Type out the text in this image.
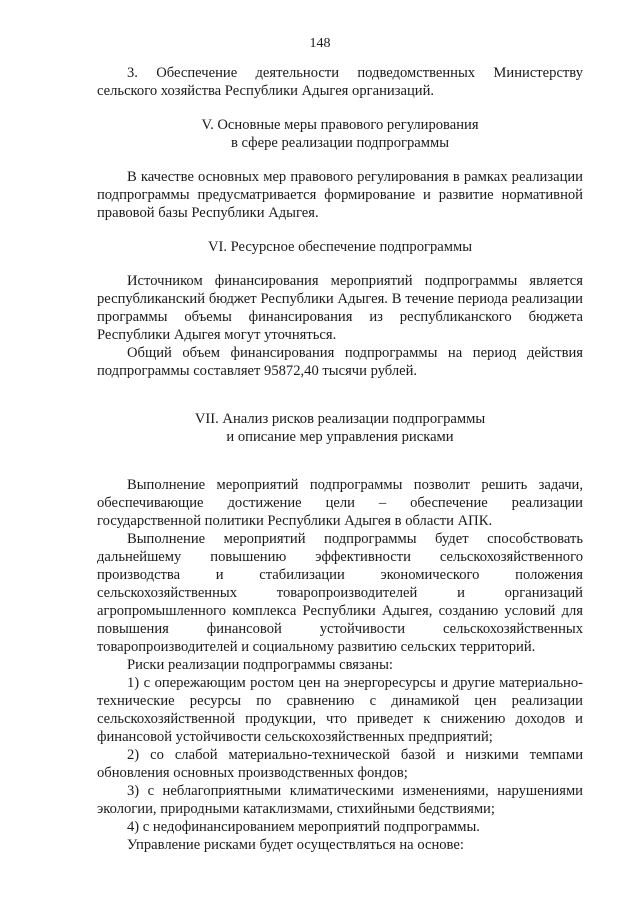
148

3. Обеспечение деятельности подведомственных Министерству сельского хозяйства Республики Адыгея организаций.

V. Основные меры правового регулирования
в сфере реализации подпрограммы

В качестве основных мер правового регулирования в рамках реализации подпрограммы предусматривается формирование и развитие нормативной правовой базы Республики Адыгея.

VI. Ресурсное обеспечение подпрограммы

Источником финансирования мероприятий подпрограммы является республиканский бюджет Республики Адыгея. В течение периода реализации программы объемы финансирования из республиканского бюджета Республики Адыгея могут уточняться.

Общий объем финансирования подпрограммы на период действия подпрограммы составляет 95872,40 тысячи рублей.

VII. Анализ рисков реализации подпрограммы
и описание мер управления рисками

Выполнение мероприятий подпрограммы позволит решить задачи, обеспечивающие достижение цели – обеспечение реализации государственной политики Республики Адыгея в области АПК.

Выполнение мероприятий подпрограммы будет способствовать дальнейшему повышению эффективности сельскохозяйственного производства и стабилизации экономического положения сельскохозяйственных товаропроизводителей и организаций агропромышленного комплекса Республики Адыгея, созданию условий для повышения финансовой устойчивости сельскохозяйственных товаропроизводителей и социальному развитию сельских территорий.

Риски реализации подпрограммы связаны:

1) с опережающим ростом цен на энергоресурсы и другие материально-технические ресурсы по сравнению с динамикой цен реализации сельскохозяйственной продукции, что приведет к снижению доходов и финансовой устойчивости сельскохозяйственных предприятий;

2) со слабой материально-технической базой и низкими темпами обновления основных производственных фондов;

3) с неблагоприятными климатическими изменениями, нарушениями экологии, природными катаклизмами, стихийными бедствиями;

4) с недофинансированием мероприятий подпрограммы.

Управление рисками будет осуществляться на основе:
